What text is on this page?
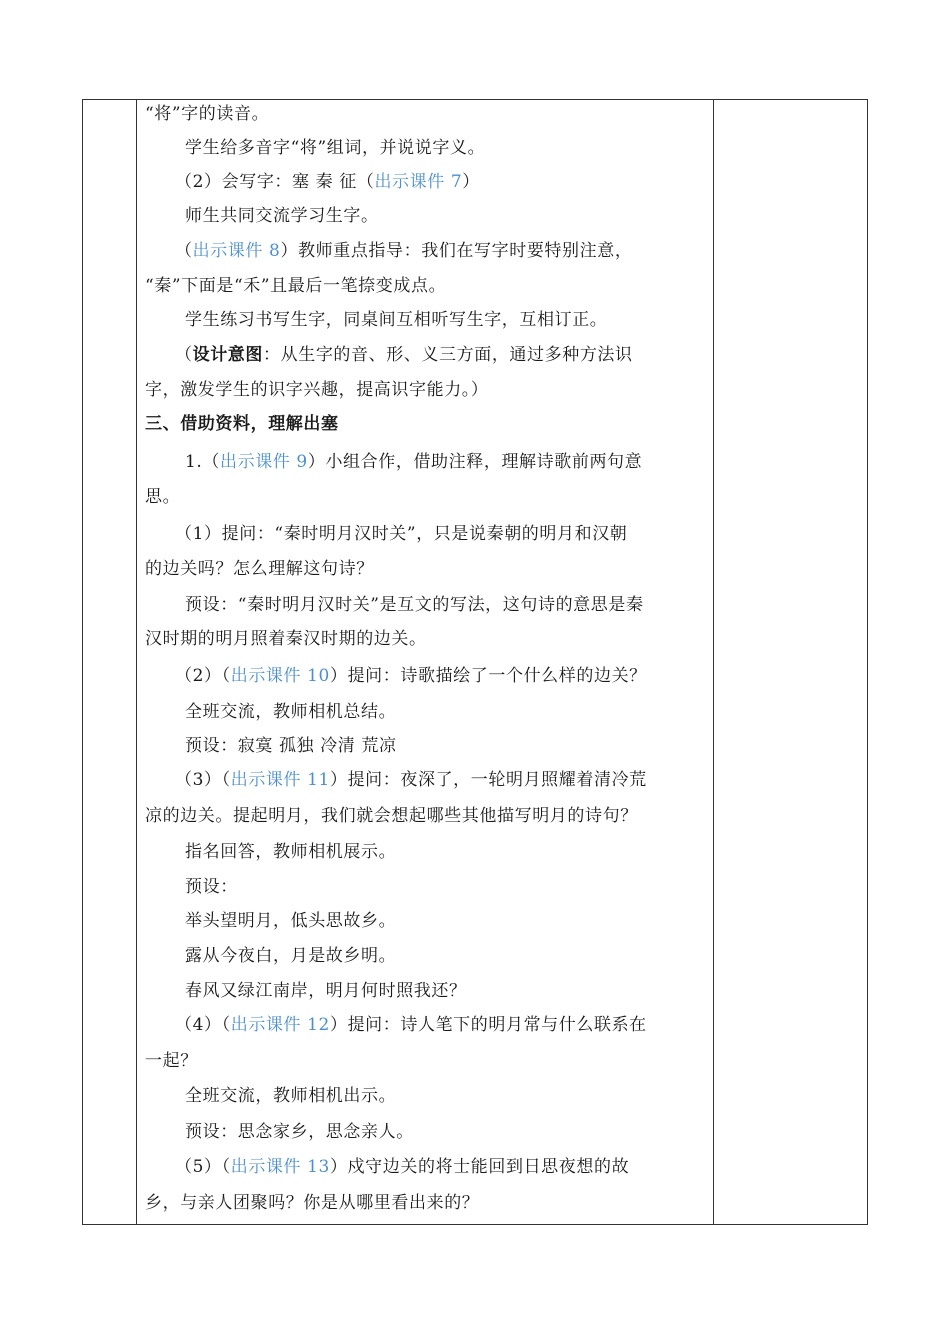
“将”字的读音。
学生给多音字“将”组词，并说说字义。
（2）会写字：塞 秦 征（出示课件 7）
师生共同交流学习生字。
（出示课件 8）教师重点指导：我们在写字时要特别注意，
“秦”下面是“禾”且最后一笔捺变成点。
学生练习书写生字，同桌间互相听写生字，互相订正。
（设计意图：从生字的音、形、义三方面，通过多种方法识
字，激发学生的识字兴趣，提高识字能力。）
三、借助资料，理解出塞
1.（出示课件 9）小组合作，借助注释，理解诗歌前两句意
思。
（1）提问：“秦时明月汉时关”，只是说秦朝的明月和汉朝
的边关吗？怎么理解这句诗？
预设：“秦时明月汉时关”是互文的写法，这句诗的意思是秦
汉时期的明月照着秦汉时期的边关。
（2）（出示课件 10）提问：诗歌描绘了一个什么样的边关？
全班交流，教师相机总结。
预设：寂寞 孤独 冷清 荒凉
（3）（出示课件 11）提问：夜深了，一轮明月照耀着清冷荒
凉的边关。提起明月，我们就会想起哪些其他描写明月的诗句？
指名回答，教师相机展示。
预设：
举头望明月，低头思故乡。
露从今夜白，月是故乡明。
春风又绿江南岸，明月何时照我还？
（4）（出示课件 12）提问：诗人笔下的明月常与什么联系在
一起？
全班交流，教师相机出示。
预设：思念家乡，思念亲人。
（5）（出示课件 13）戍守边关的将士能回到日思夜想的故
乡，与亲人团聚吗？你是从哪里看出来的？
